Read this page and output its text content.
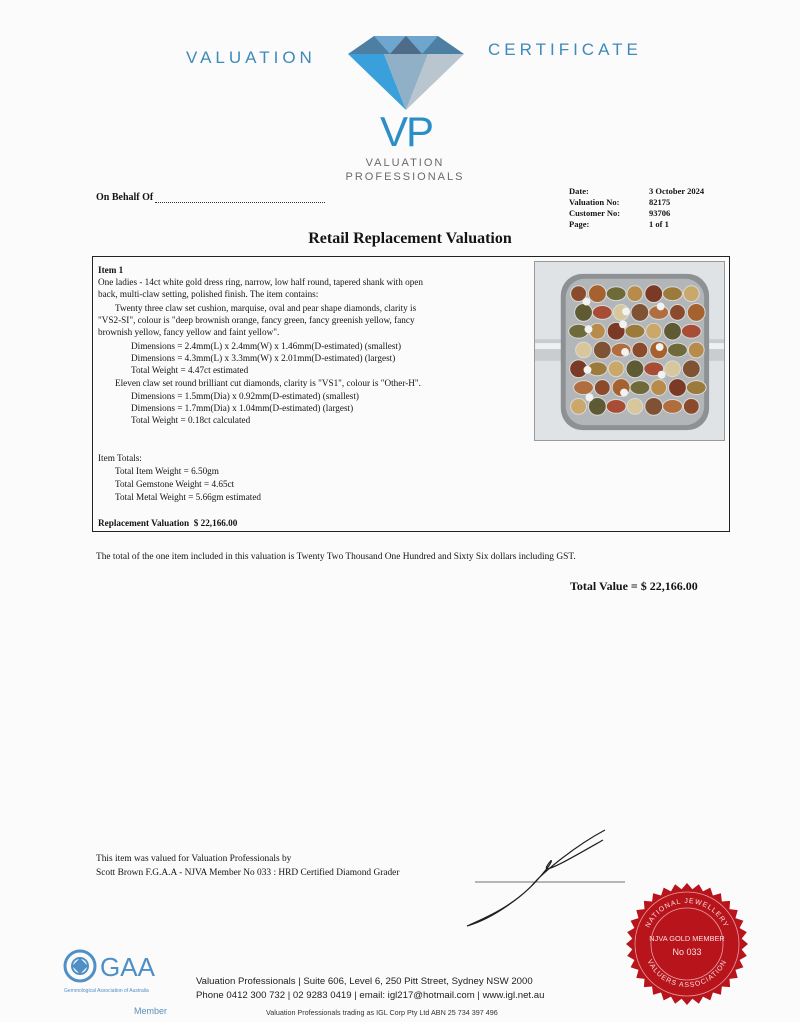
VALUATION	CERTIFICATE
VP
VALUATION
PROFESSIONALS
On Behalf Of
Date:	3 October 2024
Valuation No:	82175
Customer No:	93706
Page:	1 of 1
Retail Replacement Valuation
Item 1
One ladies - 14ct white gold dress ring, narrow, low half round, tapered shank with open
back, multi-claw setting, polished finish. The item contains:
Twenty three claw set cushion, marquise, oval and pear shape diamonds, clarity is
"VS2-SI", colour is "deep brownish orange, fancy green, fancy greenish yellow, fancy
brownish yellow, fancy yellow and faint yellow".
Dimensions = 2.4mm(L) x 2.4mm(W) x 1.46mm(D-estimated) (smallest)
Dimensions = 4.3mm(L) x 3.3mm(W) x 2.01mm(D-estimated) (largest)
Total Weight = 4.47ct estimated
Eleven claw set round brilliant cut diamonds, clarity is "VS1", colour is "Other-H".
Dimensions = 1.5mm(Dia) x 0.92mm(D-estimated) (smallest)
Dimensions = 1.7mm(Dia) x 1.04mm(D-estimated) (largest)
Total Weight = 0.18ct calculated
Item Totals:
Total Item Weight = 6.50gm
Total Gemstone Weight = 4.65ct
Total Metal Weight = 5.66gm estimated
Replacement Valuation $ 22,166.00
The total of the one item included in this valuation is Twenty Two Thousand One Hundred and Sixty Six dollars including GST.
Total Value = $ 22,166.00
This item was valued for Valuation Professionals by
Scott Brown F.G.A.A - NJVA Member No 033 : HRD Certified Diamond Grader
GAA
Gemmological Association of Australia
Member
Valuation Professionals | Suite 606, Level 6, 250 Pitt Street, Sydney NSW 2000
Phone 0412 300 732 | 02 9283 0419 | email: igl217@hotmail.com | www.igl.net.au
Valuation Professionals trading as IGL Corp Pty Ltd ABN 25 734 397 496
NATIONAL JEWELLERY
VALUERS ASSOCIATION
NJVA GOLD MEMBER
No 033
